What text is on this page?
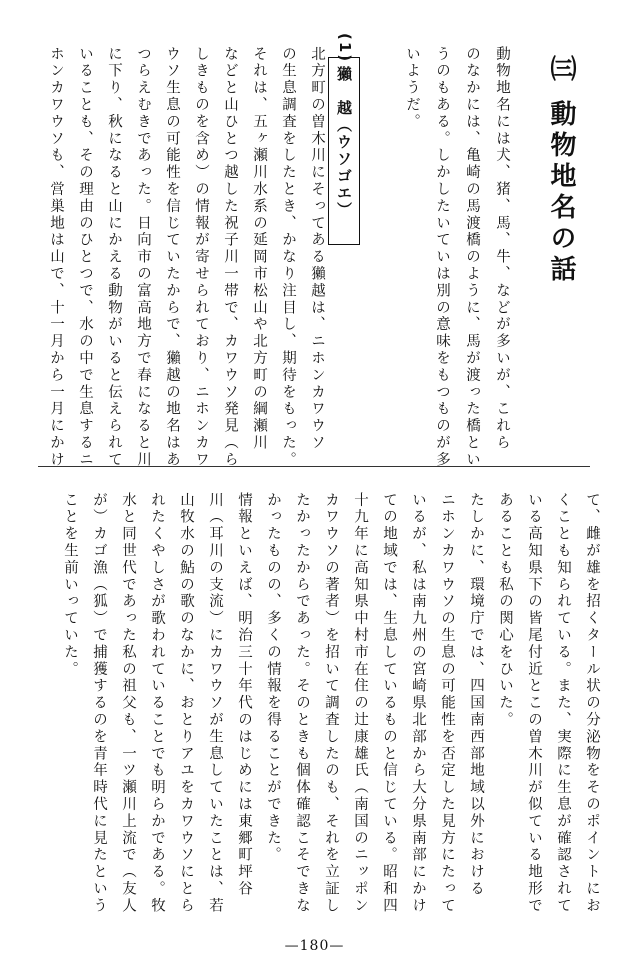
㈢ 動物地名の話
動物地名には犬、猪、馬、牛、などが多いが、これら
のなかには、亀崎の馬渡橋のように、馬が渡った橋とい
うのもある。しかしたいていは別の意味をもつものが多
いようだ。
(1)
獺　越（ウソゴエ）
北方町の曽木川にそってある獺越は、ニホンカワウソ
の生息調査をしたとき、かなり注目し、期待をもった。
それは、五ヶ瀬川水系の延岡市松山や北方町の綱瀬川
などと山ひとつ越した祝子川一帯で、カワウソ発見（ら
しきものを含め）の情報が寄せられており、ニホンカワ
ウソ生息の可能性を信じていたからで、獺越の地名はあ
つらえむきであった。日向市の富高地方で春になると川
に下り、秋になると山にかえる動物がいると伝えられて
いることも、その理由のひとつで、水の中で生息するニ
ホンカワウソも、営巣地は山で、十一月から一月にかけ
て、雌が雄を招くタール状の分泌物をそのポイントにお
くことも知られている。また、実際に生息が確認されて
いる高知県下の皆尾付近とこの曽木川が似ている地形で
あることも私の関心をひいた。
たしかに、環境庁では、四国南西部地域以外における
ニホンカワウソの生息の可能性を否定した見方にたって
いるが、私は南九州の宮崎県北部から大分県南部にかけ
ての地域では、生息しているものと信じている。昭和四
十九年に高知県中村市在住の辻康雄氏（南国のニッポン
カワウソの著者）を招いて調査したのも、それを立証し
たかったからであった。そのときも個体確認こそできな
かったものの、多くの情報を得ることができた。
情報といえば、明治三十年代のはじめには東郷町坪谷
川（耳川の支流）にカワウソが生息していたことは、若
山牧水の鮎の歌のなかに、おとりアユをカワウソにとら
れたくやしさが歌われていることでも明らかである。牧
水と同世代であった私の祖父も、一ツ瀬川上流で（友人
が）カゴ漁（狐）で捕獲するのを青年時代に見たという
ことを生前いっていた。
—180—
